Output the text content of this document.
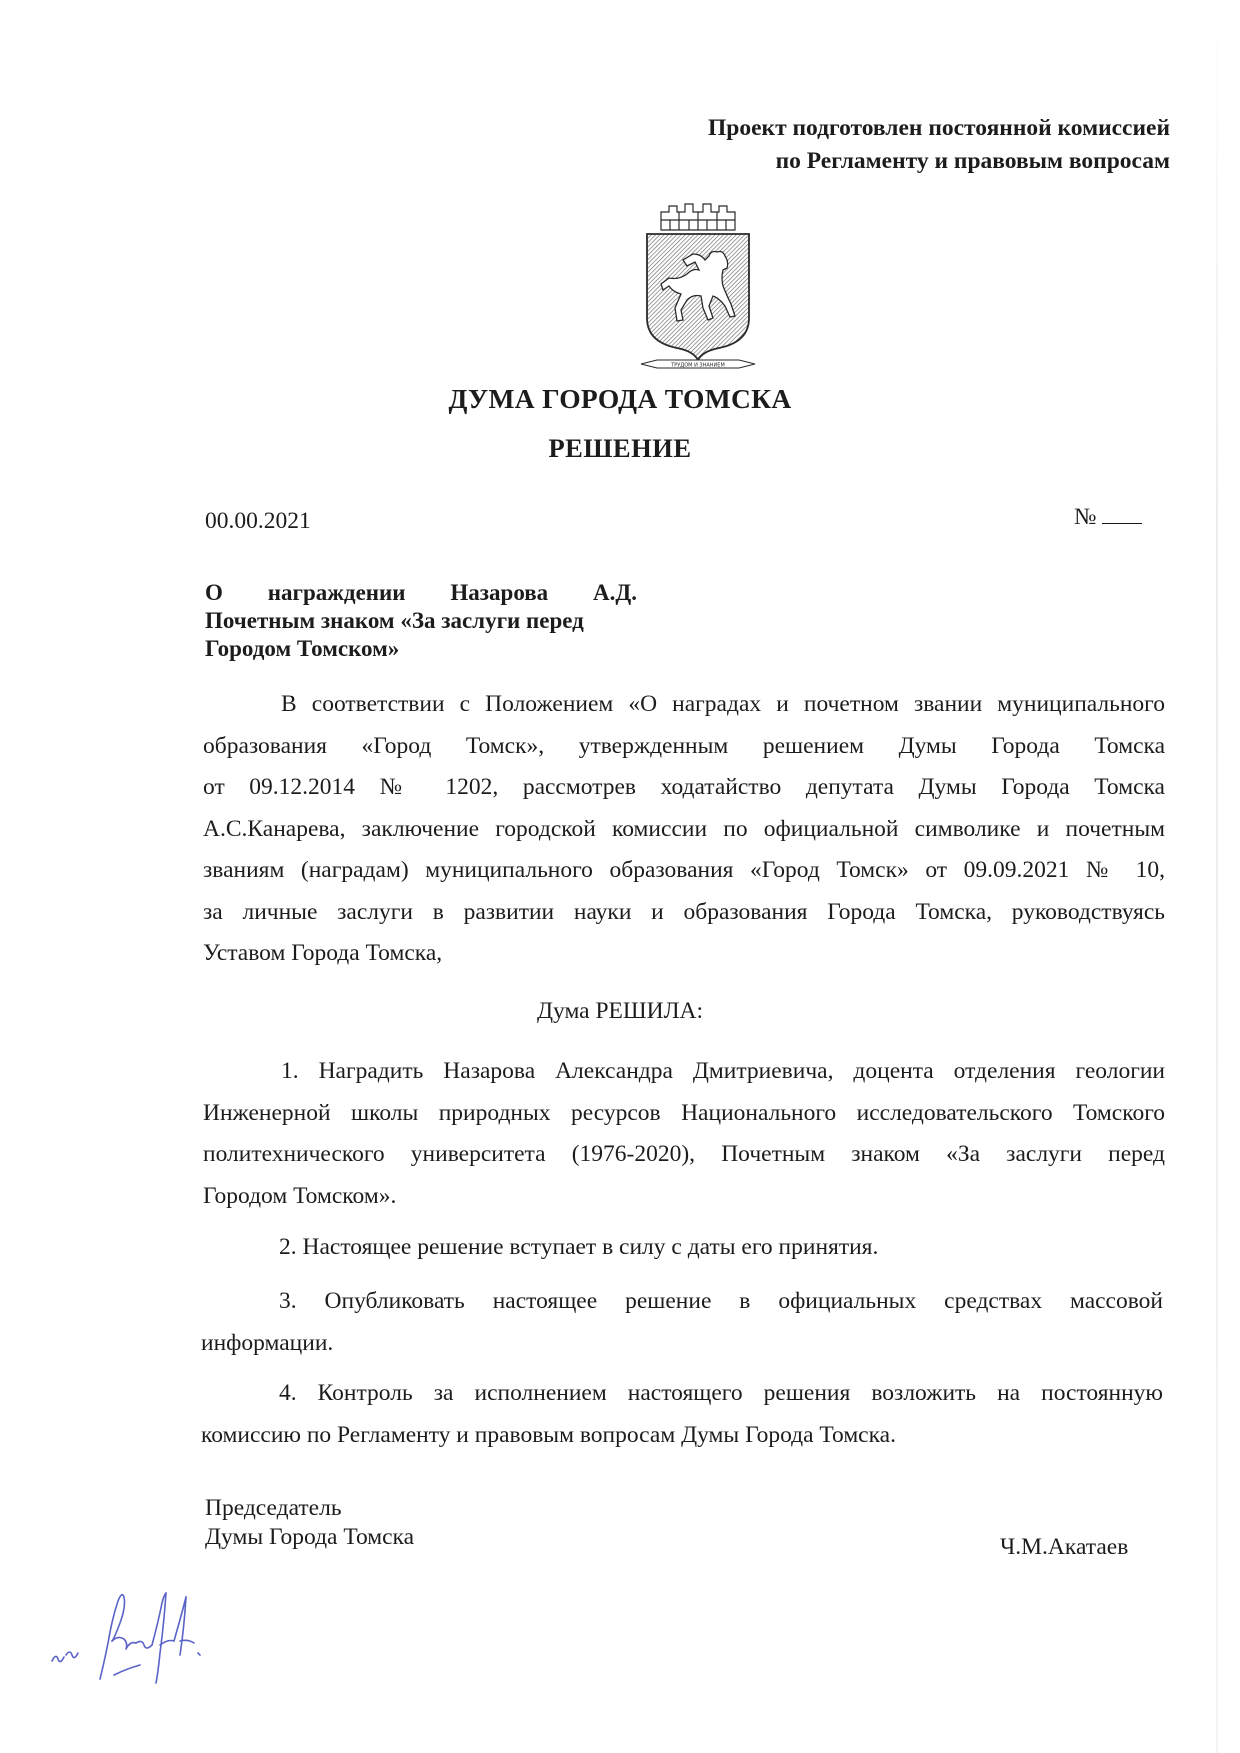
Проект подготовлен постоянной комиссией
по Регламенту и правовым вопросам
ТРУДОМ И ЗНАНИЕМ
ДУМА ГОРОДА ТОМСКА
РЕШЕНИЕ
00.00.2021	№
О награждении Назарова А.Д.
Почетным знаком «За заслуги перед
Городом Томском»
В соответствии с Положением «О наградах и почетном звании муниципального
образования «Город Томск», утвержденным решением Думы Города Томска
от 09.12.2014 № 1202, рассмотрев ходатайство депутата Думы Города Томска
А.С.Канарева, заключение городской комиссии по официальной символике и почетным
званиям (наградам) муниципального образования «Город Томск» от 09.09.2021 № 10,
за личные заслуги в развитии науки и образования Города Томска, руководствуясь
Уставом Города Томска,
Дума РЕШИЛА:
1. Наградить Назарова Александра Дмитриевича, доцента отделения геологии
Инженерной школы природных ресурсов Национального исследовательского Томского
политехнического университета (1976-2020), Почетным знаком «За заслуги перед
Городом Томском».
2. Настоящее решение вступает в силу с даты его принятия.
3. Опубликовать настоящее решение в официальных средствах массовой
информации.
4. Контроль за исполнением настоящего решения возложить на постоянную
комиссию по Регламенту и правовым вопросам Думы Города Томска.
Председатель
Думы Города Томска	Ч.М.Акатаев
